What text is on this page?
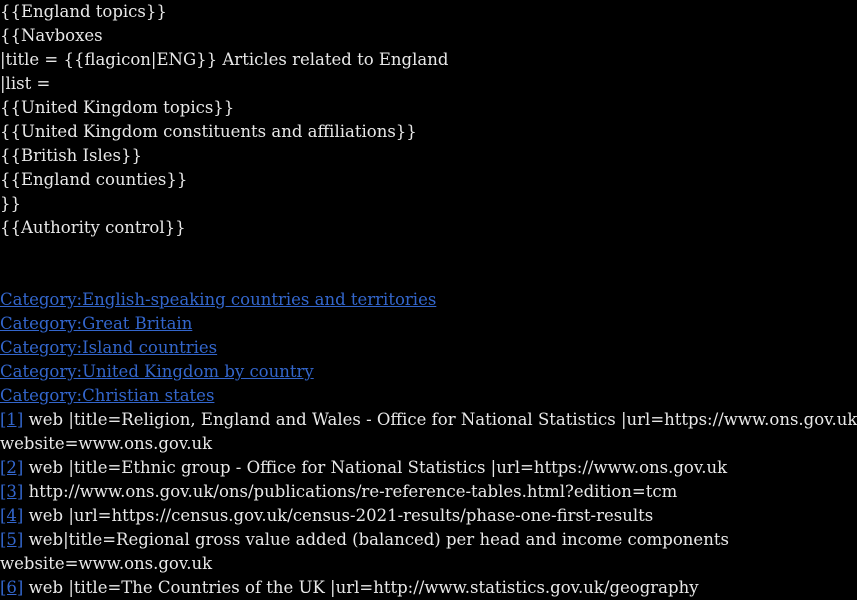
{{England topics}}
{{Navboxes
|title = {{flagicon|ENG}} Articles related to England
|list =
{{United Kingdom topics}}
{{United Kingdom constituents and affiliations}}
{{British Isles}}
{{England counties}}
}}
{{Authority control}}
Category:English-speaking countries and territories
Category:Great Britain
Category:Island countries
Category:United Kingdom by country
Category:Christian states
[1] web |title=Religion, England and Wales - Office for National Statistics |url=https://www.ons.gov.uk
website=www.ons.gov.uk
[2] web |title=Ethnic group - Office for National Statistics |url=https://www.ons.gov.uk
[3] http://www.ons.gov.uk/ons/publications/re-reference-tables.html?edition=tcm
[4] web |url=https://census.gov.uk/census-2021-results/phase-one-first-results
[5] web|title=Regional gross value added (balanced) per head and income components
website=www.ons.gov.uk
[6] web |title=The Countries of the UK |url=http://www.statistics.gov.uk/geography
